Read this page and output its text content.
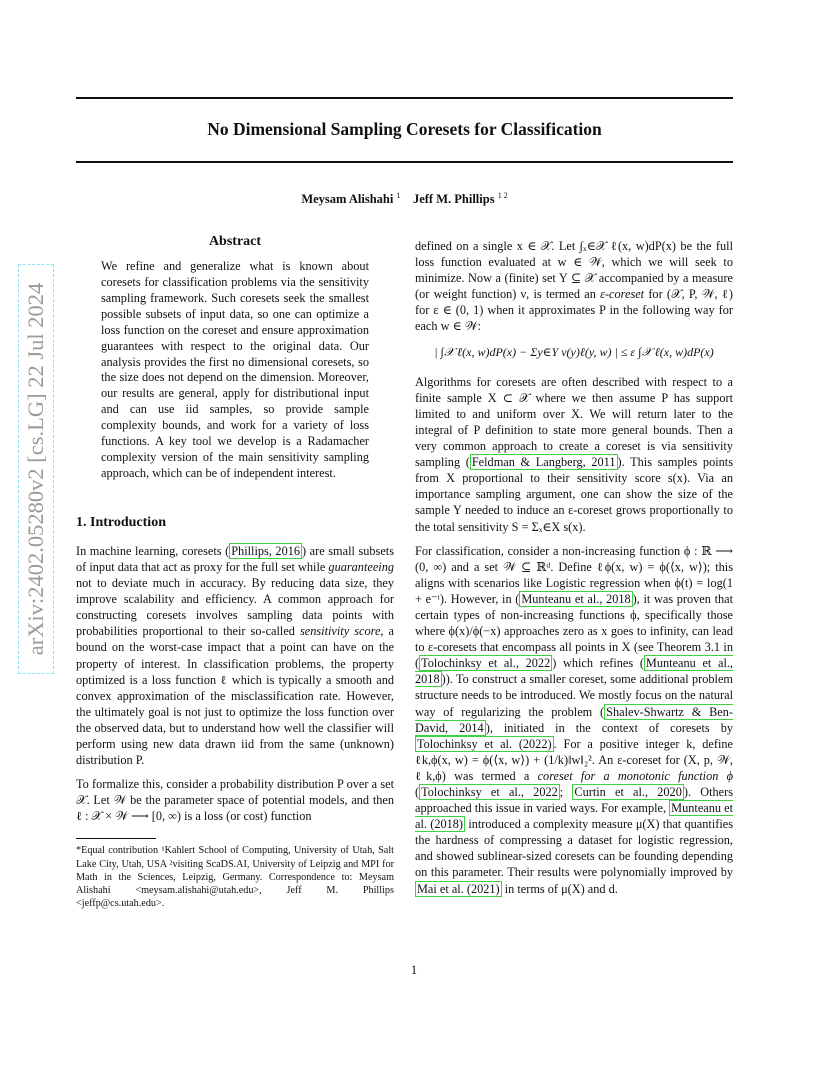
No Dimensional Sampling Coresets for Classification
Meysam Alishahi $^1$ Jeff M. Phillips $^{1 2}$
arXiv:2402.05280v2 [cs.LG] 22 Jul 2024
Abstract
We refine and generalize what is known about coresets for classification problems via the sensitivity sampling framework. Such coresets seek the smallest possible subsets of input data, so one can optimize a loss function on the coreset and ensure approximation guarantees with respect to the original data. Our analysis provides the first no dimensional coresets, so the size does not depend on the dimension. Moreover, our results are general, apply for distributional input and can use iid samples, so provide sample complexity bounds, and work for a variety of loss functions. A key tool we develop is a Radamacher complexity version of the main sensitivity sampling approach, which can be of independent interest.
1. Introduction

In machine learning, coresets ( Phillips, 2016 ) are small subsets of input data that act as proxy for the full set while guaranteeing not to deviate much in accuracy. By reducing data size, they improve scalability and efficiency. A common approach for constructing coresets involves sampling data points with probabilities proportional to their so-called sensitivity score, a bound on the worst-case impact that a point can have on the property of interest. In classification problems, the property optimized is a loss function ℓ which is typically a smooth and convex approximation of the misclassification rate. However, the ultimately goal is not just to optimize the loss function over the observed data, but to understand how well the classifier will perform using new data drawn iid from the same (unknown) distribution P.

To formalize this, consider a probability distribution P over a set 𝒳. Let 𝒲 be the parameter space of potential models, and then ℓ : 𝒳 × 𝒲 ⟶ [0, ∞) is a loss (or cost) function

*Equal contribution ¹Kahlert School of Computing, University of Utah, Salt Lake City, Utah, USA ²visiting ScaDS.AI, University of Leipzig and MPI for Math in the Sciences, Leipzig, Germany. Correspondence to: Meysam Alishahi <meysam.alishahi@utah.edu>, Jeff M. Phillips <jeffp@cs.utah.edu>.

defined on a single x ∈ 𝒳. Let ∫ₓ∈𝒳 ℓ(x, w)dP(x) be the full loss function evaluated at w ∈ 𝒲, which we will seek to minimize. Now a (finite) set Y ⊆ 𝒳 accompanied by a measure (or weight function) ν, is termed an ε-coreset for (𝒳, P, 𝒲, ℓ) for ε ∈ (0, 1) when it approximates P in the following way for each w ∈ 𝒲:

| ∫𝒳 ℓ(x, w)dP(x) − Σy∈Y ν(y)ℓ(y, w) | ≤ ε ∫𝒳 ℓ(x, w)dP(x)

Algorithms for coresets are often described with respect to a finite sample X ⊂ 𝒳 where we then assume P has support limited to and uniform over X. We will return later to the integral of P definition to state more general bounds. Then a very common approach to create a coreset is via sensitivity sampling ( Feldman & Langberg, 2011 ). This samples points from X proportional to their sensitivity score s(x). Via an importance sampling argument, one can show the size of the sample Y needed to induce an ε-coreset grows proportionally to the total sensitivity S = Σₓ∈X s(x).

For classification, consider a non-increasing function ϕ : ℝ ⟶ (0, ∞) and a set 𝒲 ⊆ ℝᵈ. Define ℓϕ(x, w) = ϕ(⟨x, w⟩); this aligns with scenarios like Logistic regression when ϕ(t) = log(1 + e⁻ᵗ). However, in ( Munteanu et al., 2018 ), it was proven that certain types of non-increasing functions ϕ, specifically those where ϕ(x)/ϕ(−x) approaches zero as x goes to infinity, can lead to ε-coresets that encompass all points in X (see Theorem 3.1 in ( Tolochinksy et al., 2022 ) which refines ( Munteanu et al., 2018 )). To construct a smaller coreset, some additional problem structure needs to be introduced. We mostly focus on the natural way of regularizing the problem ( Shalev-Shwartz & Ben-David, 2014 ), initiated in the context of coresets by Tolochinksy et al. (2022) . For a positive integer k, define ℓk,ϕ(x, w) = ϕ(⟨x, w⟩) + (1/k)‖w‖₂². An ε-coreset for (X, p, 𝒲, ℓk,ϕ) was termed a coreset for a monotonic function ϕ ( Tolochinksy et al., 2022 ; Curtin et al., 2020 ). Others approached this issue in varied ways. For example, Munteanu et al. (2018) introduced a complexity measure μ(X) that quantifies the hardness of compressing a dataset for logistic regression, and showed sublinear-sized coresets can be founding depending on this parameter. Their results were polynomially improved by Mai et al. (2021) in terms of μ(X) and d.

1
